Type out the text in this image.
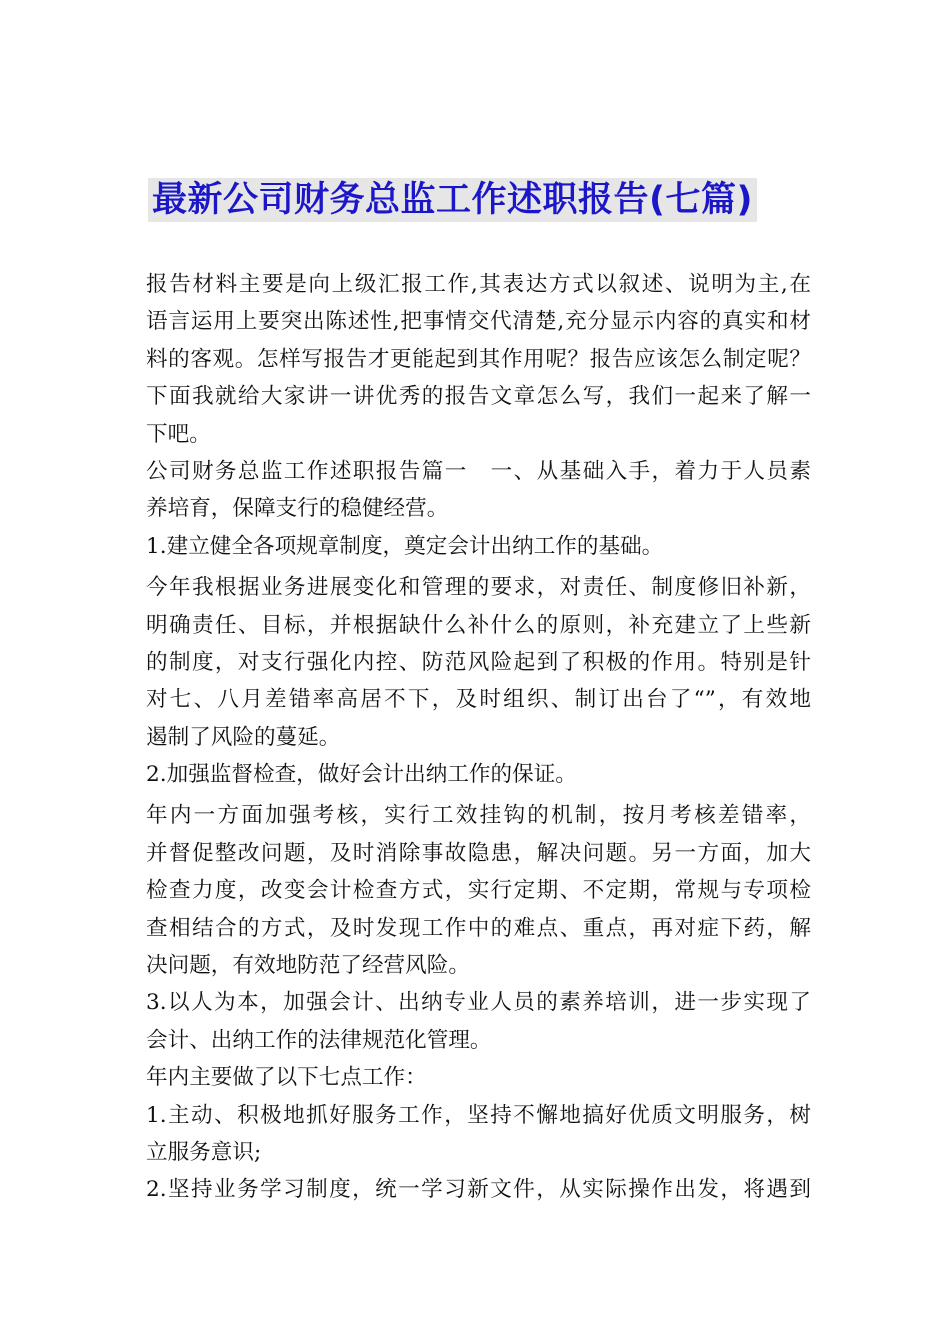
最新公司财务总监工作述职报告(七篇)
报告材料主要是向上级汇报工作,其表达方式以叙述、说明为主,在
语言运用上要突出陈述性,把事情交代清楚,充分显示内容的真实和材
料的客观。怎样写报告才更能起到其作用呢？报告应该怎么制定呢？
下面我就给大家讲一讲优秀的报告文章怎么写，我们一起来了解一
下吧。
公司财务总监工作述职报告篇一　一、从基础入手，着力于人员素
养培育，保障支行的稳健经营。
1.建立健全各项规章制度，奠定会计出纳工作的基础。
今年我根据业务进展变化和管理的要求，对责任、制度修旧补新，
明确责任、目标，并根据缺什么补什么的原则，补充建立了上些新
的制度，对支行强化内控、防范风险起到了积极的作用。特别是针
对七、八月差错率高居不下，及时组织、制订出台了“”，有效地
遏制了风险的蔓延。
2.加强监督检查，做好会计出纳工作的保证。
年内一方面加强考核，实行工效挂钩的机制，按月考核差错率，
并督促整改问题，及时消除事故隐患，解决问题。另一方面，加大
检查力度，改变会计检查方式，实行定期、不定期，常规与专项检
查相结合的方式，及时发现工作中的难点、重点，再对症下药，解
决问题，有效地防范了经营风险。
3.以人为本，加强会计、出纳专业人员的素养培训，进一步实现了
会计、出纳工作的法律规范化管理。
年内主要做了以下七点工作：
1.主动、积极地抓好服务工作，坚持不懈地搞好优质文明服务，树
立服务意识;
2.坚持业务学习制度，统一学习新文件，从实际操作出发，将遇到
